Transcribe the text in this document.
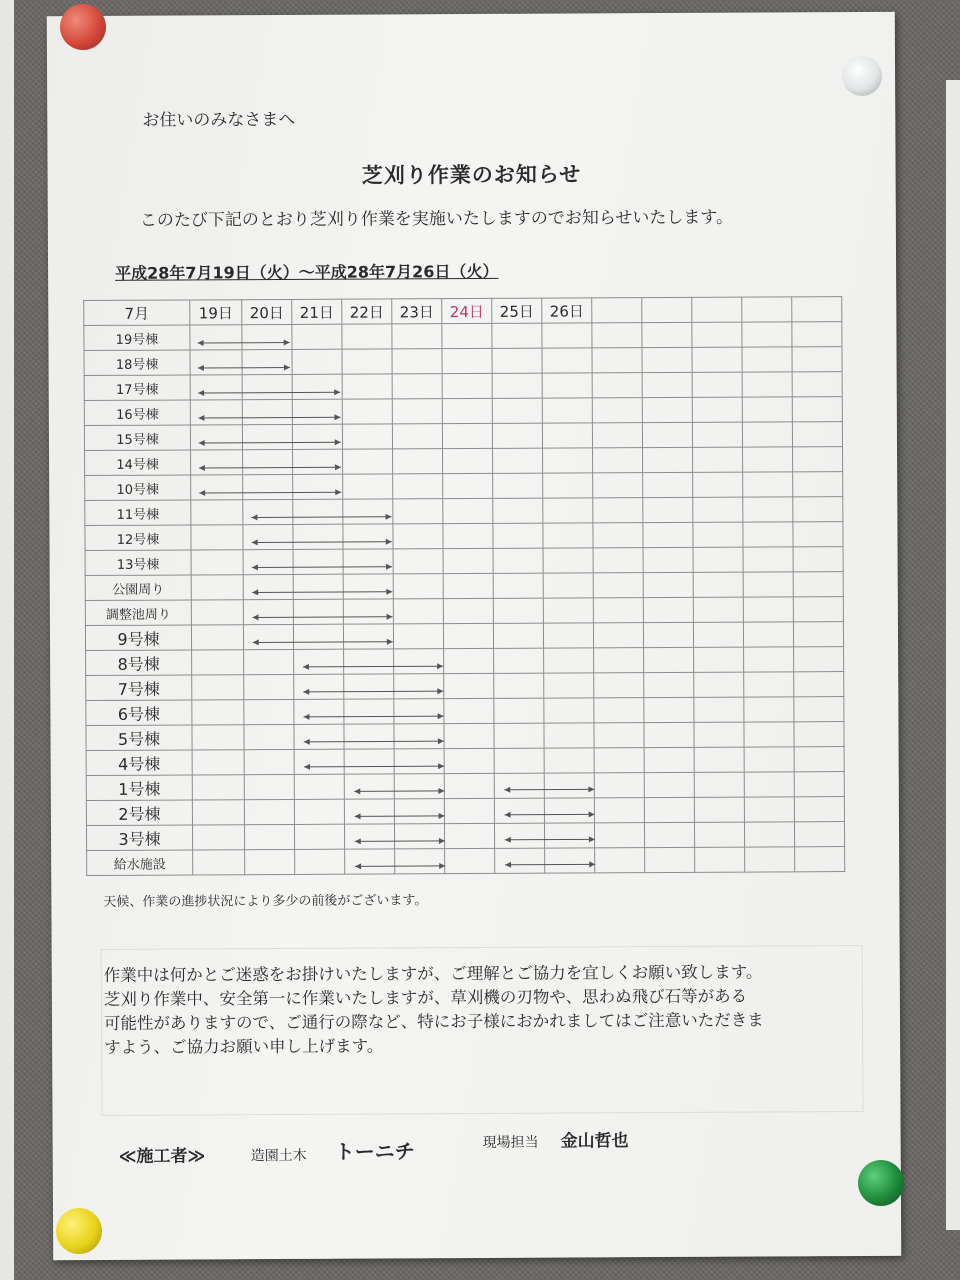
お住いのみなさまへ
芝刈り作業のお知らせ
このたび下記のとおり芝刈り作業を実施いたしますのでお知らせいたします。
平成28年7月19日（火）～平成28年7月26日（火）
7月	19日	20日	21日	22日	23日	24日	25日	26日					
19号棟													
18号棟													
17号棟													
16号棟													
15号棟													
14号棟													
10号棟													
11号棟													
12号棟													
13号棟													
公園周り													
調整池周り													
9号棟													
8号棟													
7号棟													
6号棟													
5号棟													
4号棟													
1号棟													
2号棟													
3号棟													
給水施設													
天候、作業の進捗状況により多少の前後がございます。
作業中は何かとご迷惑をお掛けいたしますが、ご理解とご協力を宜しくお願い致します。
芝刈り作業中、安全第一に作業いたしますが、草刈機の刃物や、思わぬ飛び石等がある
可能性がありますので、ご通行の際など、特にお子様におかれましてはご注意いただきま
すよう、ご協力お願い申し上げます。
≪施工者≫	造園土木 トーニチ	現場担当 金山哲也
